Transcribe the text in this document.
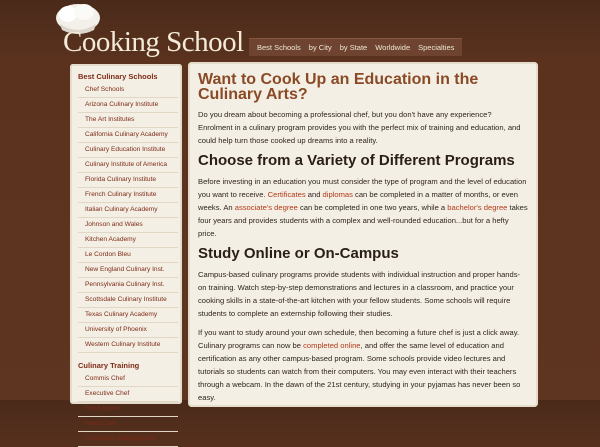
Cooking School Best Schools by City by State Worldwide Specialties
Best Culinary Schools
Chef Schools
Arizona Culinary Institute
The Art Institutes
California Culinary Academy
Culinary Education Institute
Culinary Institute of America
Florida Culinary Institute
French Culinary Institute
Italian Culinary Academy
Johnson and Wales
Kitchen Academy
Le Cordon Bleu
New England Culinary Inst.
Pennsylvania Culinary Inst.
Scottsdale Culinary Institute
Texas Culinary Academy
University of Phoenix
Western Culinary Institute
Culinary Training
Commis Chef
Executive Chef
Food Stylist
Head Chef
Hospitality Management
Want to Cook Up an Education in the Culinary Arts?

Do you dream about becoming a professional chef, but you don't have any experience? Enrolment in a culinary program provides you with the perfect mix of training and education, and could help turn those cooked up dreams into a reality.

Choose from a Variety of Different Programs

Before investing in an education you must consider the type of program and the level of education you want to receive. Certificates and diplomas can be completed in a matter of months, or even weeks. An associate's degree can be completed in one two years, while a bachelor's degree takes four years and provides students with a complex and well-rounded education...but for a hefty price.

Study Online or On-Campus

Campus-based culinary programs provide students with individual instruction and proper hands-on training. Watch step-by-step demonstrations and lectures in a classroom, and practice your cooking skills in a state-of-the-art kitchen with your fellow students. Some schools will require students to complete an externship following their studies.

If you want to study around your own schedule, then becoming a future chef is just a click away. Culinary programs can now be completed online, and offer the same level of education and certification as any other campus-based program. Some schools provide video lectures and tutorials so students can watch from their computers. You may even interact with their teachers through a webcam. In the dawn of the 21st century, studying in your pyjamas has never been so easy.
